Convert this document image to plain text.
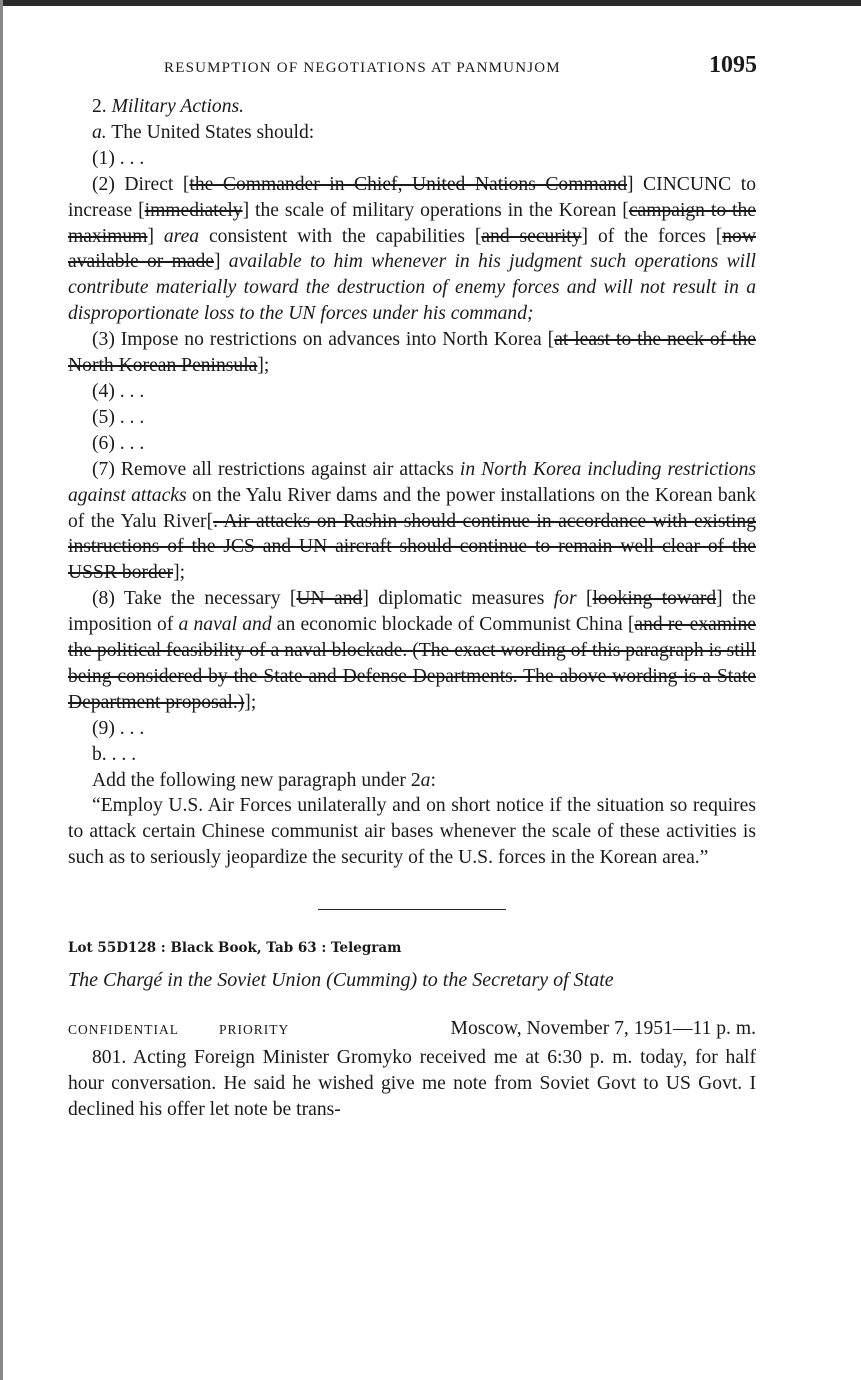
RESUMPTION OF NEGOTIATIONS AT PANMUNJOM	1095

2. Military Actions.

a. The United States should:

(1) . . .

(2) Direct [the Commander in Chief, United Nations Command] CINCUNC to increase [immediately] the scale of military operations in the Korean [campaign to the maximum] area consistent with the capabilities [and security] of the forces [now available or made] available to him whenever in his judgment such operations will contribute materially toward the destruction of enemy forces and will not result in a disproportionate loss to the UN forces under his command;

(3) Impose no restrictions on advances into North Korea [at least to the neck of the North Korean Peninsula];

(4) . . .

(5) . . .

(6) . . .

(7) Remove all restrictions against air attacks in North Korea including restrictions against attacks on the Yalu River dams and the power installations on the Korean bank of the Yalu River[. Air attacks on Rashin should continue in accordance with existing instructions of the JCS and UN aircraft should continue to remain well clear of the USSR border];

(8) Take the necessary [UN and] diplomatic measures for [looking toward] the imposition of a naval and an economic blockade of Communist China [and re-examine the political feasibility of a naval blockade. (The exact wording of this paragraph is still being considered by the State and Defense Departments. The above wording is a State Department proposal.)];

(9) . . .

b. . . .

Add the following new paragraph under 2a:

“Employ U.S. Air Forces unilaterally and on short notice if the situation so requires to attack certain Chinese communist air bases whenever the scale of these activities is such as to seriously jeopardize the security of the U.S. forces in the Korean area.”

Lot 55D128 : Black Book, Tab 63 : Telegram

The Chargé in the Soviet Union (Cumming) to the Secretary of State

CONFIDENTIAL	PRIORITY	Moscow, November 7, 1951—11 p. m.

801. Acting Foreign Minister Gromyko received me at 6:30 p. m. today, for half hour conversation. He said he wished give me note from Soviet Govt to US Govt. I declined his offer let note be trans-
